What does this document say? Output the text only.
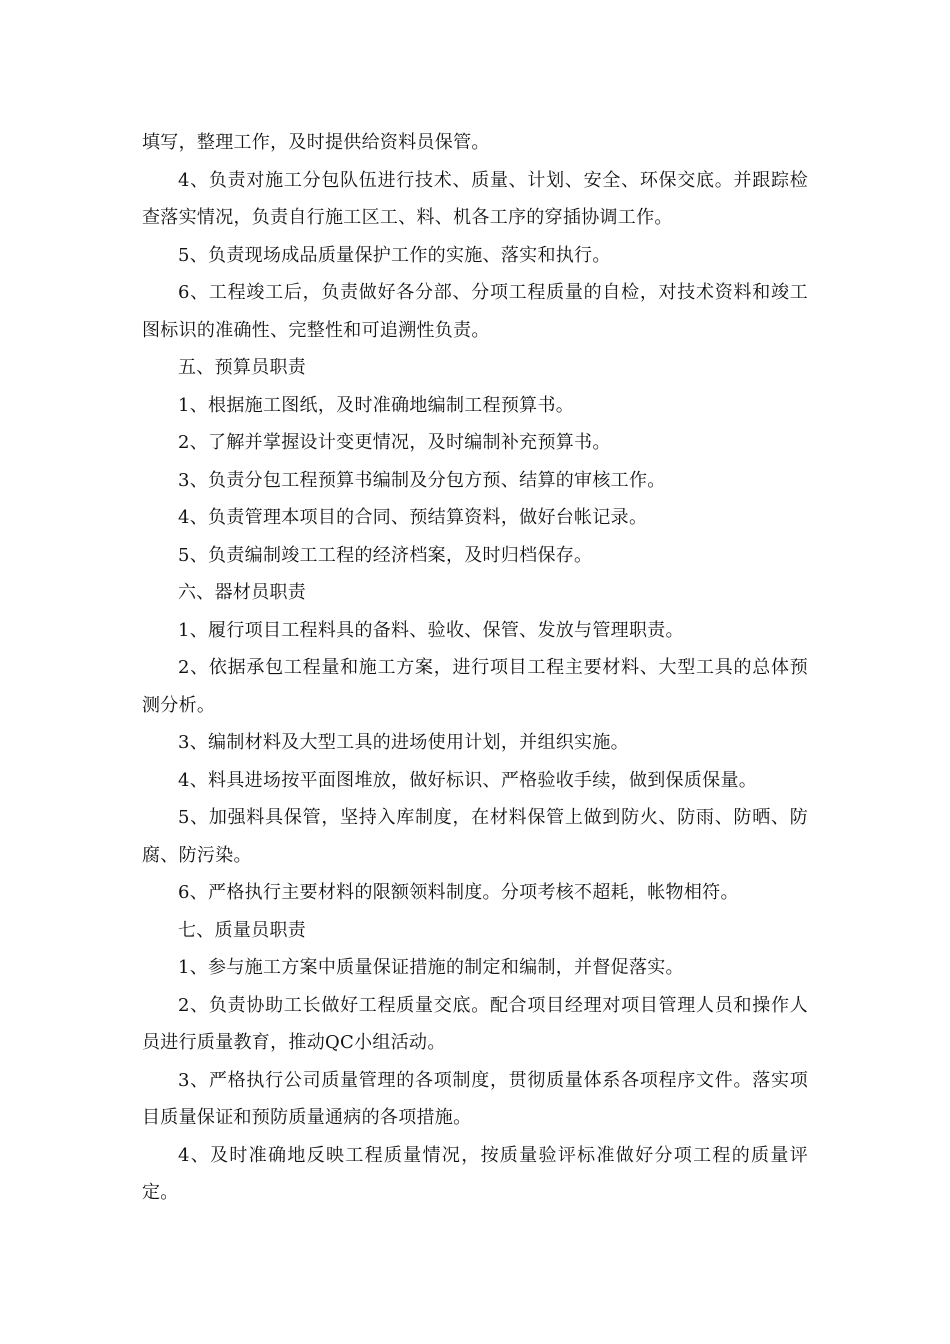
填写，整理工作，及时提供给资料员保管。

4、负责对施工分包队伍进行技术、质量、计划、安全、环保交底。并跟踪检查落实情况，负责自行施工区工、料、机各工序的穿插协调工作。

5、负责现场成品质量保护工作的实施、落实和执行。

6、工程竣工后，负责做好各分部、分项工程质量的自检，对技术资料和竣工图标识的准确性、完整性和可追溯性负责。

五、预算员职责

1、根据施工图纸，及时准确地编制工程预算书。

2、了解并掌握设计变更情况，及时编制补充预算书。

3、负责分包工程预算书编制及分包方预、结算的审核工作。

4、负责管理本项目的合同、预结算资料，做好台帐记录。

5、负责编制竣工工程的经济档案，及时归档保存。

六、器材员职责

1、履行项目工程料具的备料、验收、保管、发放与管理职责。

2、依据承包工程量和施工方案，进行项目工程主要材料、大型工具的总体预测分析。

3、编制材料及大型工具的进场使用计划，并组织实施。

4、料具进场按平面图堆放，做好标识、严格验收手续，做到保质保量。

5、加强料具保管，坚持入库制度，在材料保管上做到防火、防雨、防晒、防腐、防污染。

6、严格执行主要材料的限额领料制度。分项考核不超耗，帐物相符。

七、质量员职责

1、参与施工方案中质量保证措施的制定和编制，并督促落实。

2、负责协助工长做好工程质量交底。配合项目经理对项目管理人员和操作人员进行质量教育，推动QC小组活动。

3、严格执行公司质量管理的各项制度，贯彻质量体系各项程序文件。落实项目质量保证和预防质量通病的各项措施。

4、及时准确地反映工程质量情况，按质量验评标准做好分项工程的质量评定。
